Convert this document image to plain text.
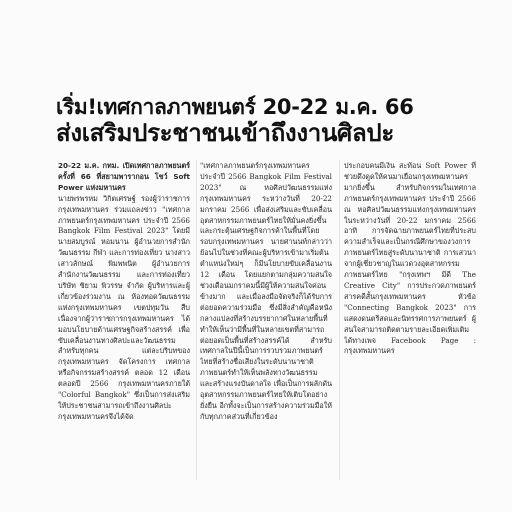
เริ่ม!เทศกาลภาพยนตร์ 20-22 ม.ค. 66
ส่งเสริมประชาชนเข้าถึงงานศิลปะ

20-22 ม.ค. กทม. เปิดเทศกาลภาพยนตร์ครั้งที่ 66 ที่สยามพารากอน โชว์ Soft Power แห่งมหานคร

นายพรพรหม วิกิตเศรษฐ์ รองผู้ว่าราชการกรุงเทพมหานคร ร่วมแถลงข่าว "เทศกาลภาพยนตร์กรุงเทพมหานคร ประจำปี 2566 Bangkok Film Festival 2023" โดยมีนายสมบูรณ์ หอมนาน ผู้อำนวยการสำนักวัฒนธรรม กีฬา และการท่องเที่ยว นางสาวเสาวลักษณ์ พิมพพนิต ผู้อำนวยการสำนักงานวัฒนธรรม และการท่องเที่ยว บริษัท ซิยาม พิวรรษ จำกัด ผู้บริหารและผู้เกี่ยวข้องร่วมงาน ณ ห้องทอดวัฒนธรรมแห่งกรุงเทพมหานคร เขตปทุมวัน สืบเนื่องจากผู้ว่าราชการกรุงเทพมหานคร ได้มอบนโยบายด้านเศรษฐกิจสร้างสรรค์ เพื่อขับเคลื่อนงานทางศิลปะและวัฒนธรรม สำหรับทุกคน แต่ละบริบทของกรุงเทพมหานคร จัดโครงการ เทศกาล หรือกิจกรรมสร้างสรรค์ ตลอด 12 เดือนตลอดปี 2566 กรุงเทพมหานครภายใต้ "Colorful Bangkok" ซึ่งเป็นการส่งเสริมให้ประชาชนสามารถเข้าถึงงานศิลปะ กรุงเทพมหานครจึงได้จัด

"เทศกาลภาพยนตร์กรุงเทพมหานคร ประจำปี 2566 Bangkok Film Festival 2023" ณ หอศิลปวัฒนธรรมแห่งกรุงเทพมหานคร ระหว่างวันที่ 20-22 มกราคม 2566 เพื่อส่งเสริมและขับเคลื่อนอุตสาหกรรมภาพยนตร์ไทยให้มั่นคงยิ่งขึ้น และกระตุ้นเศรษฐกิจการค้าในพื้นที่โดยรอบกรุงเทพมหานคร นายศานนท์กล่าวว่า ย้อนไปในช่วงที่คณะผู้บริหารเข้ามาเริ่มต้นตำแหน่งใหม่ๆ ก็มีนโยบายขับเคลื่อนงาน 12 เดือน โดยแยกตามกลุ่มความสนใจ ช่วงเดือนมกราคมนี้มีผู้ให้ความสนใจค่อนข้างมาก และเมื่อลงมือจัดจริงก็ได้รับการต่อยอดความร่วมมือ ซึ่งมีสิ่งสำคัญคือหนังกลางแปลงที่สร้างบรรยากาศในหลายพื้นที่ ทำให้เห็นว่ามีพื้นที่ในหลายเขตที่สามารถต่อยอดเป็นพื้นที่สร้างสรรค์ได้ สำหรับเทศกาลในปีนี้เป็นการรวบรวมภาพยนตร์ไทยที่สร้างชื่อเสียงในระดับนานาชาติ ภาพยนตร์ทำให้เห็นพลังทางวัฒนธรรม และสร้างแรงบันดาลใจ เพื่อเป็นการผลักดันอุตสาหกรรมภาพยนตร์ไทยให้เติบโตอย่างยั่งยืน อีกทั้งจะเป็นการสร้างความร่วมมือให้กับทุกภาคส่วนที่เกี่ยวข้อง

ประกอบคนมีเงิน สะท้อน Soft Power ที่ช่วยดึงดูดให้คนมาเยือนกรุงเทพมหานครมากยิ่งขึ้น สำหรับกิจกรรมในเทศกาลภาพยนตร์กรุงเทพมหานคร ประจำปี 2566 ณ หอศิลปวัฒนธรรมแห่งกรุงเทพมหานคร ในระหว่างวันที่ 20-22 มกราคม 2566 อาทิ การจัดฉายภาพยนตร์ไทยที่ประสบความสำเร็จและเป็นกรณีศึกษาของวงการภาพยนตร์ไทยสู่ระดับนานาชาติ การเสวนาจากผู้เชี่ยวชาญในแวดวงอุตสาหกรรมภาพยนตร์ไทย "กรุงเทพฯ มีดี The Creative City" การประกวดภาพยนตร์สารคดีสั้นกรุงเทพมหานคร หัวข้อ "Connecting Bangkok 2023" การแสดงดนตรีสดและนิทรรศการภาพยนตร์ ผู้สนใจสามารถติดตามรายละเอียดเพิ่มเติมได้ทางเพจ Facebook Page : กรุงเทพมหานคร
